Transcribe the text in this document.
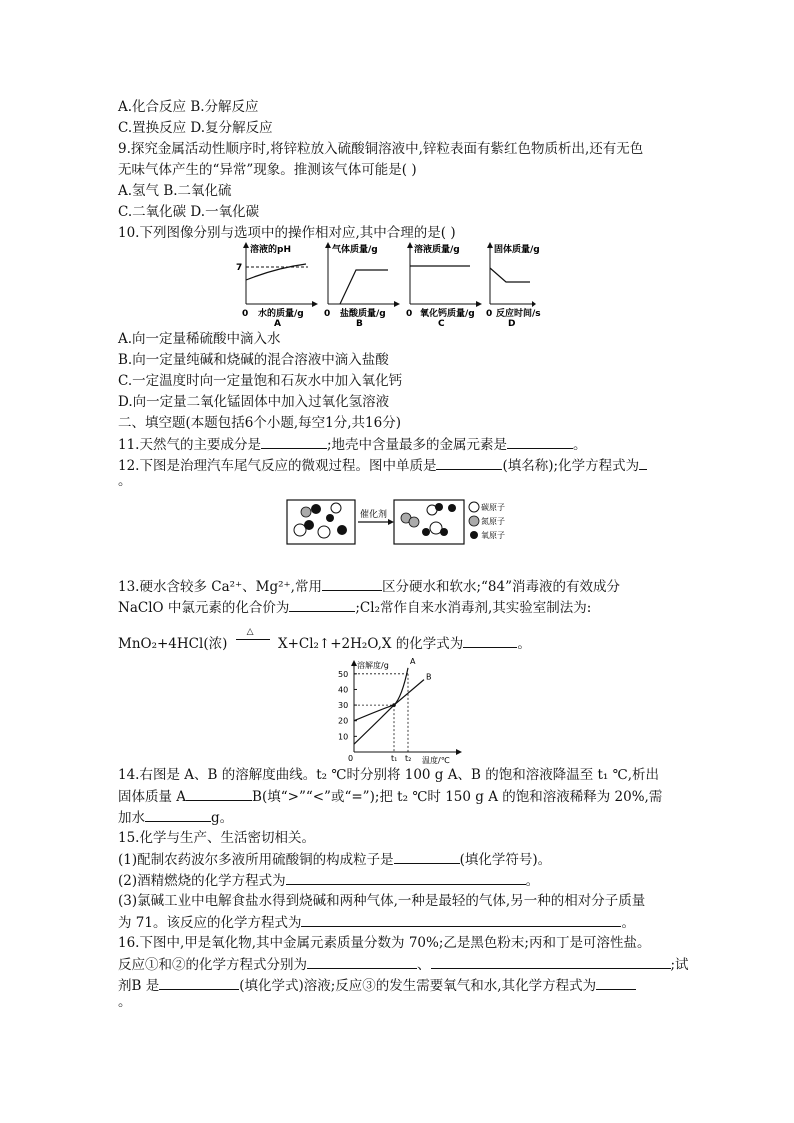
A.化合反应 B.分解反应
C.置换反应 D.复分解反应
9.探究金属活动性顺序时,将锌粒放入硫酸铜溶液中,锌粒表面有紫红色物质析出,还有无色
无味气体产生的“异常”现象。推测该气体可能是( )
A.氢气 B.二氧化硫
C.二氧化碳 D.一氧化碳
10.下列图像分别与选项中的操作相对应,其中合理的是( )
溶液的pH
7
0 水的质量/g
A
气体质量/g
0 盐酸质量/g
B
溶液质量/g
0 氧化钙质量/g
C
固体质量/g
0 反应时间/s
D
A.向一定量稀硫酸中滴入水
B.向一定量纯碱和烧碱的混合溶液中滴入盐酸
C.一定温度时向一定量饱和石灰水中加入氧化钙
D.向一定量二氧化锰固体中加入过氧化氢溶液
二、填空题(本题包括6个小题,每空1分,共16分)
11.天然气的主要成分是	;地壳中含量最多的金属元素是	。
12.下图是治理汽车尾气反应的微观过程。图中单质是	(填名称);化学方程式为
。
催化剂
碳原子
氮原子
氧原子
13.硬水含较多 Ca²⁺、Mg²⁺,常用	区分硬水和软水;“84”消毒液的有效成分
NaClO 中氯元素的化合价为	;Cl₂常作自来水消毒剂,其实验室制法为:
MnO₂+4HCl(浓)
△
X+Cl₂↑+2H₂O,X 的化学式为	。
溶解度/g
温度/℃
0
10
20
30
40
50
t₁ t₂
A
B
14.右图是 A、B 的溶解度曲线。t₂ ℃时分别将 100 g A、B 的饱和溶液降温至 t₁ ℃,析出
固体质量 A	B(填“>”“<”或“=”);把 t₂ ℃时 150 g A 的饱和溶液稀释为 20%,需
加水	g。
15.化学与生产、生活密切相关。
(1)配制农药波尔多液所用硫酸铜的构成粒子是	(填化学符号)。
(2)酒精燃烧的化学方程式为	。
(3)氯碱工业中电解食盐水得到烧碱和两种气体,一种是最轻的气体,另一种的相对分子质量
为 71。该反应的化学方程式为	。
16.下图中,甲是氧化物,其中金属元素质量分数为 70%;乙是黑色粉末;丙和丁是可溶性盐。
反应①和②的化学方程式分别为	、	;试
剂B 是	(填化学式)溶液;反应③的发生需要氧气和水,其化学方程式为
。
